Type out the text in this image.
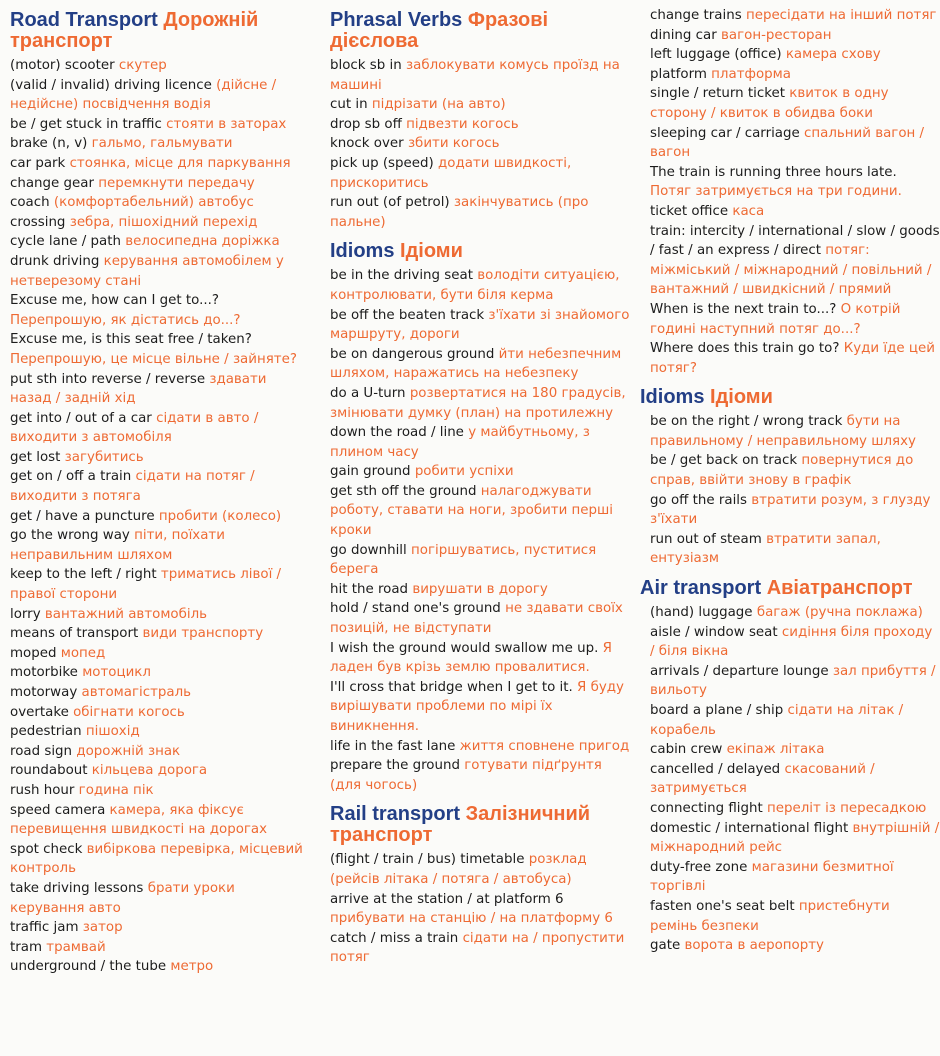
Road Transport Дорожній транспорт
(motor) scooter скутер
(valid / invalid) driving licence (дійсне / недійсне) посвідчення водія
be / get stuck in traffic стояти в заторах
brake (n, v) гальмо, гальмувати
car park стоянка, місце для паркування
change gear перемкнути передачу
coach (комфортабельний) автобус
crossing зебра, пішохідний перехід
cycle lane / path велосипедна доріжка
drunk driving керування автомобілем у нетверезому стані
Excuse me, how can I get to...? Перепрошую, як дістатись до...?
Excuse me, is this seat free / taken? Перепрошую, це місце вільне / зайняте?
put sth into reverse / reverse здавати назад / задній хід
get into / out of a car сідати в авто / виходити з автомобіля
get lost загубитись
get on / off a train сідати на потяг / виходити з потяга
get / have a puncture пробити (колесо)
go the wrong way піти, поїхати неправильним шляхом
keep to the left / right триматись лівої / правої сторони
lorry вантажний автомобіль
means of transport види транспорту
moped мопед
motorbike мотоцикл
motorway автомагістраль
overtake обігнати когось
pedestrian пішохід
road sign дорожній знак
roundabout кільцева дорога
rush hour година пік
speed camera камера, яка фіксує перевищення швидкості на дорогах
spot check вибіркова перевірка, місцевий контроль
take driving lessons брати уроки керування авто
traffic jam затор
tram трамвай
underground / the tube метро
Phrasal Verbs Фразові дієслова
block sb in заблокувати комусь проїзд на машині
cut in підрізати (на авто)
drop sb off підвезти когось
knock over збити когось
pick up (speed) додати швидкості, прискоритись
run out (of petrol) закінчуватись (про пальне)
Idioms Ідіоми
be in the driving seat володіти ситуацією, контролювати, бути біля керма
be off the beaten track з'їхати зі знайомого маршруту, дороги
be on dangerous ground йти небезпечним шляхом, наражатись на небезпеку
do a U-turn розвертатися на 180 градусів, змінювати думку (план) на протилежну
down the road / line у майбутньому, з плином часу
gain ground робити успіхи
get sth off the ground налагоджувати роботу, ставати на ноги, зробити перші кроки
go downhill погіршуватись, пуститися берега
hit the road вирушати в дорогу
hold / stand one's ground не здавати своїх позицій, не відступати
I wish the ground would swallow me up. Я ладен був крізь землю провалитися.
I'll cross that bridge when I get to it. Я буду вирішувати проблеми по мірі їх виникнення.
life in the fast lane життя сповнене пригод
prepare the ground готувати підґрунтя (для чогось)
Rail transport Залізничний транспорт
(flight / train / bus) timetable розклад (рейсів літака / потяга / автобуса)
arrive at the station / at platform 6 прибувати на станцію / на платформу 6
catch / miss a train сідати на / пропустити потяг
change trains пересідати на інший потяг
dining car вагон-ресторан
left luggage (office) камера схову
platform платформа
single / return ticket квиток в одну сторону / квиток в обидва боки
sleeping car / carriage спальний вагон / вагон
The train is running three hours late. Потяг затримується на три години.
ticket office каса
train: intercity / international / slow / goods / fast / an express / direct потяг: міжміський / міжнародний / повільний / вантажний / швидкісний / прямий
When is the next train to...? О котрій годині наступний потяг до...?
Where does this train go to? Куди їде цей потяг?
Idioms Ідіоми
be on the right / wrong track бути на правильному / неправильному шляху
be / get back on track повернутися до справ, ввійти знову в графік
go off the rails втратити розум, з глузду з'їхати
run out of steam втратити запал, ентузіазм
Air transport Авіатранспорт
(hand) luggage багаж (ручна поклажа)
aisle / window seat сидіння біля проходу / біля вікна
arrivals / departure lounge зал прибуття / вильоту
board a plane / ship сідати на літак / корабель
cabin crew екіпаж літака
cancelled / delayed скасований / затримується
connecting flight переліт із пересадкою
domestic / international flight внутрішній / міжнародний рейс
duty-free zone магазини безмитної торгівлі
fasten one's seat belt пристебнути ремінь безпеки
gate ворота в аеропорту
